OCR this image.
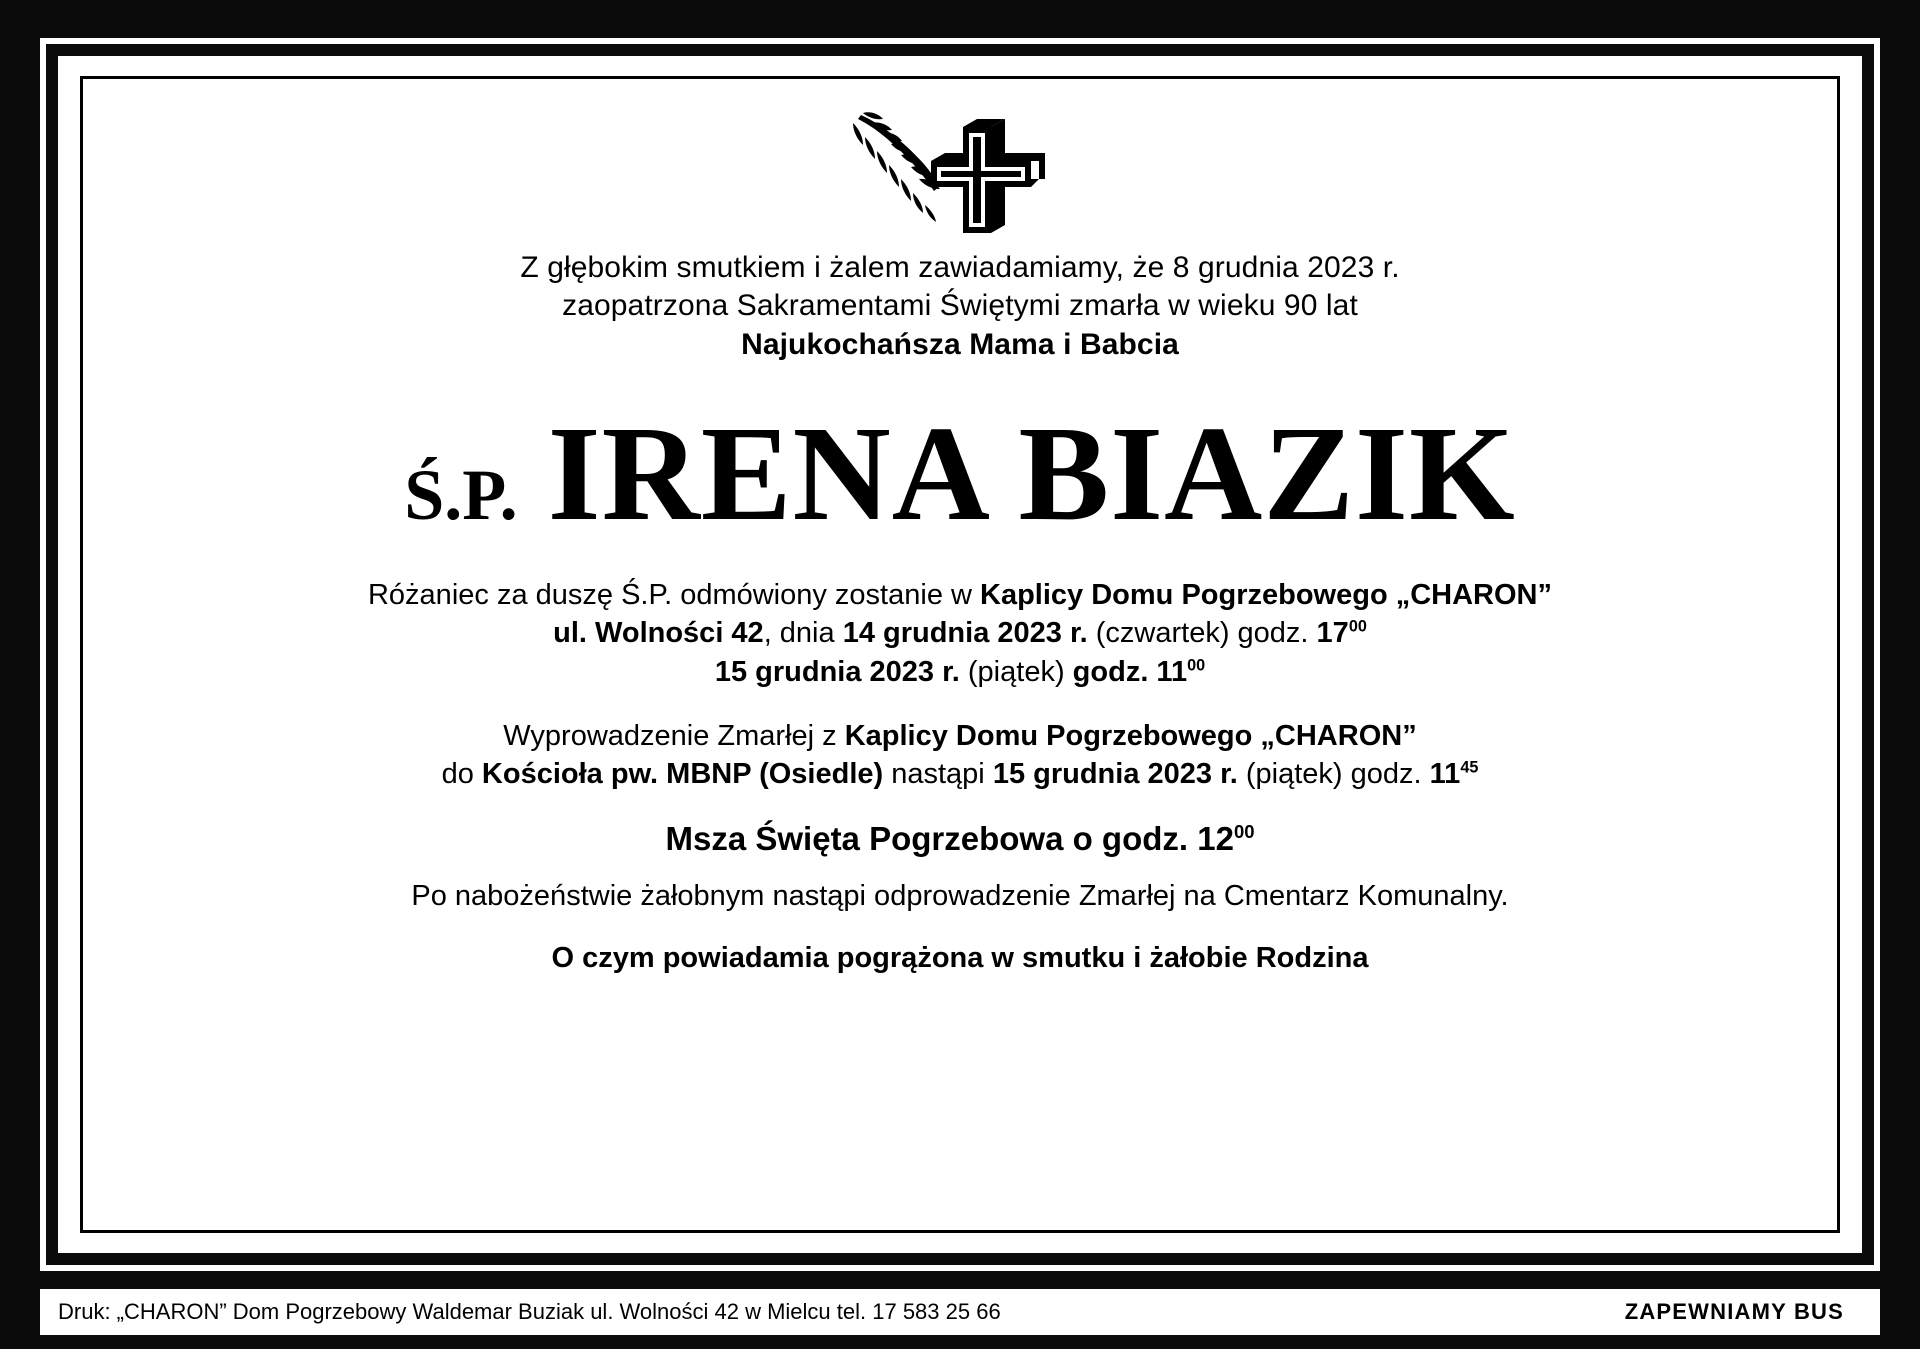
Z głębokim smutkiem i żalem zawiadamiamy, że 8 grudnia 2023 r.
zaopatrzona Sakramentami Świętymi zmarła w wieku 90 lat
Najukochańsza Mama i Babcia
Ś.P. IRENA BIAZIK
Różaniec za duszę Ś.P. odmówiony zostanie w Kaplicy Domu Pogrzebowego „CHARON”
ul. Wolności 42, dnia 14 grudnia 2023 r. (czwartek) godz. $17^{00}$
15 grudnia 2023 r. (piątek) godz. $11^{00}$
Wyprowadzenie Zmarłej z Kaplicy Domu Pogrzebowego „CHARON”
do Kościoła pw. MBNP (Osiedle) nastąpi 15 grudnia 2023 r. (piątek) godz. $11^{45}$
Msza Święta Pogrzebowa o godz. $12^{00}$
Po nabożeństwie żałobnym nastąpi odprowadzenie Zmarłej na Cmentarz Komunalny.
O czym powiadamia pogrążona w smutku i żałobie Rodzina
Druk: „CHARON” Dom Pogrzebowy Waldemar Buziak ul. Wolności 42 w Mielcu tel. 17 583 25 66	ZAPEWNIAMY BUS
